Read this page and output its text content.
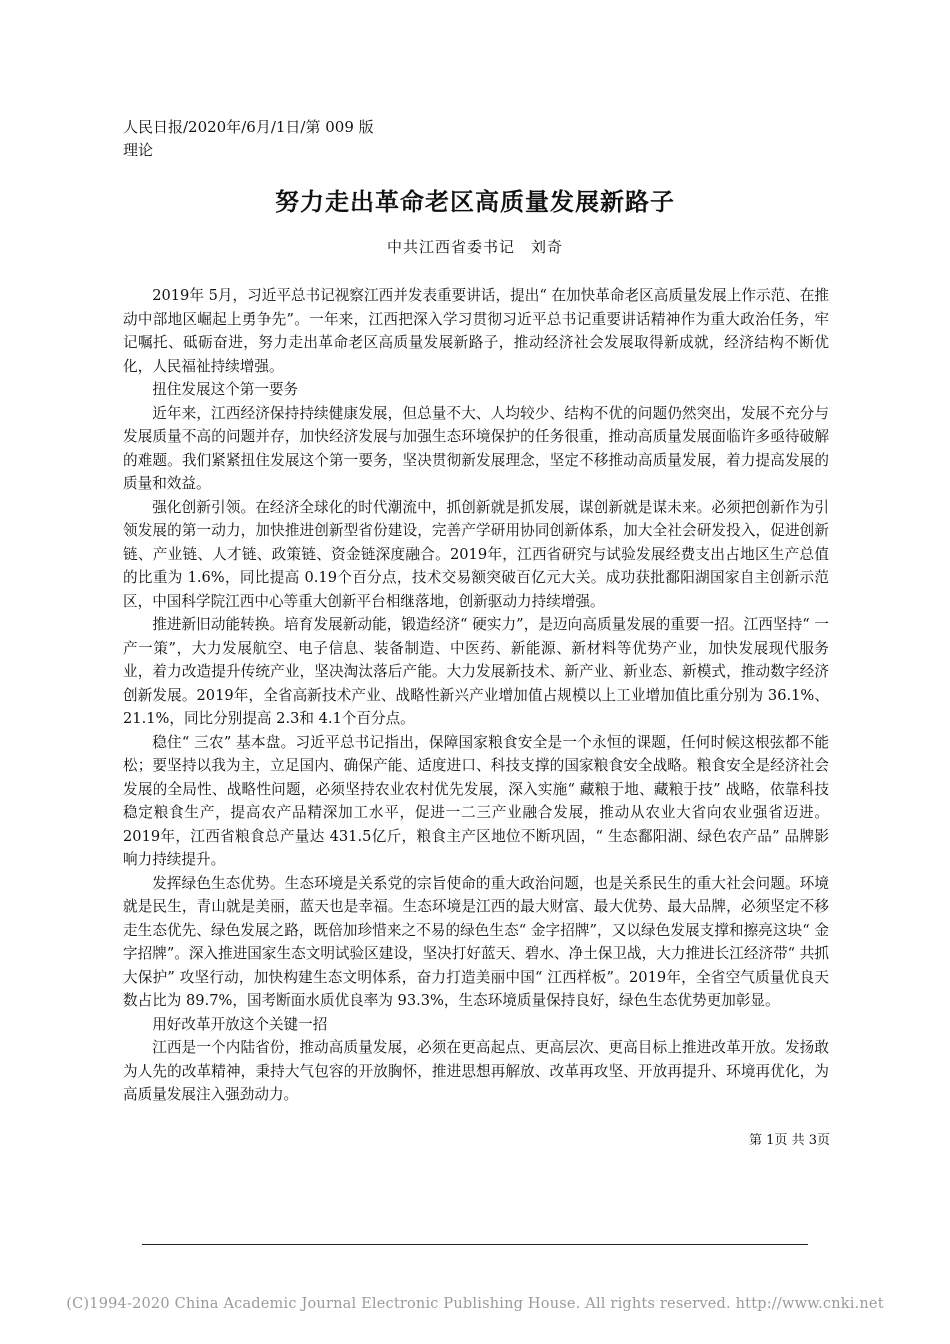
人民日报/2020年/6月/1日/第 009 版理论
努力走出革命老区高质量发展新路子
中共江西省委书记　刘奇

2019年 5月，习近平总书记视察江西并发表重要讲话，提出“ 在加快革命老区高质量发展上作示范、在推动中部地区崛起上勇争先”。一年来，江西把深入学习贯彻习近平总书记重要讲话精神作为重大政治任务，牢记嘱托、砥砺奋进，努力走出革命老区高质量发展新路子，推动经济社会发展取得新成就，经济结构不断优化，人民福祉持续增强。

扭住发展这个第一要务

近年来，江西经济保持持续健康发展，但总量不大、人均较少、结构不优的问题仍然突出，发展不充分与发展质量不高的问题并存，加快经济发展与加强生态环境保护的任务很重，推动高质量发展面临许多亟待破解的难题。我们紧紧扭住发展这个第一要务，坚决贯彻新发展理念，坚定不移推动高质量发展，着力提高发展的质量和效益。

强化创新引领。在经济全球化的时代潮流中，抓创新就是抓发展，谋创新就是谋未来。必须把创新作为引领发展的第一动力，加快推进创新型省份建设，完善产学研用协同创新体系，加大全社会研发投入，促进创新链、产业链、人才链、政策链、资金链深度融合。2019年，江西省研究与试验发展经费支出占地区生产总值的比重为 1.6%，同比提高 0.19个百分点，技术交易额突破百亿元大关。成功获批鄱阳湖国家自主创新示范区，中国科学院江西中心等重大创新平台相继落地，创新驱动力持续增强。

推进新旧动能转换。培育发展新动能，锻造经济“ 硬实力”，是迈向高质量发展的重要一招。江西坚持“ 一产一策”，大力发展航空、电子信息、装备制造、中医药、新能源、新材料等优势产业，加快发展现代服务业，着力改造提升传统产业，坚决淘汰落后产能。大力发展新技术、新产业、新业态、新模式，推动数字经济创新发展。2019年，全省高新技术产业、战略性新兴产业增加值占规模以上工业增加值比重分别为 36.1%、21.1%，同比分别提高 2.3和 4.1个百分点。

稳住“ 三农” 基本盘。习近平总书记指出，保障国家粮食安全是一个永恒的课题，任何时候这根弦都不能松；要坚持以我为主，立足国内、确保产能、适度进口、科技支撑的国家粮食安全战略。粮食安全是经济社会发展的全局性、战略性问题，必须坚持农业农村优先发展，深入实施“ 藏粮于地、藏粮于技” 战略，依靠科技稳定粮食生产，提高农产品精深加工水平，促进一二三产业融合发展，推动从农业大省向农业强省迈进。2019年，江西省粮食总产量达 431.5亿斤，粮食主产区地位不断巩固，“ 生态鄱阳湖、绿色农产品” 品牌影响力持续提升。

发挥绿色生态优势。生态环境是关系党的宗旨使命的重大政治问题，也是关系民生的重大社会问题。环境就是民生，青山就是美丽，蓝天也是幸福。生态环境是江西的最大财富、最大优势、最大品牌，必须坚定不移走生态优先、绿色发展之路，既倍加珍惜来之不易的绿色生态“ 金字招牌”，又以绿色发展支撑和擦亮这块“ 金字招牌”。深入推进国家生态文明试验区建设，坚决打好蓝天、碧水、净土保卫战，大力推进长江经济带“ 共抓大保护” 攻坚行动，加快构建生态文明体系，奋力打造美丽中国“ 江西样板”。2019年，全省空气质量优良天数占比为 89.7%，国考断面水质优良率为 93.3%，生态环境质量保持良好，绿色生态优势更加彰显。

用好改革开放这个关键一招

江西是一个内陆省份，推动高质量发展，必须在更高起点、更高层次、更高目标上推进改革开放。发扬敢为人先的改革精神，秉持大气包容的开放胸怀，推进思想再解放、改革再攻坚、开放再提升、环境再优化，为高质量发展注入强劲动力。

第 1页 共 3页
(C)1994-2020 China Academic Journal Electronic Publishing House. All rights reserved. http://www.cnki.net
